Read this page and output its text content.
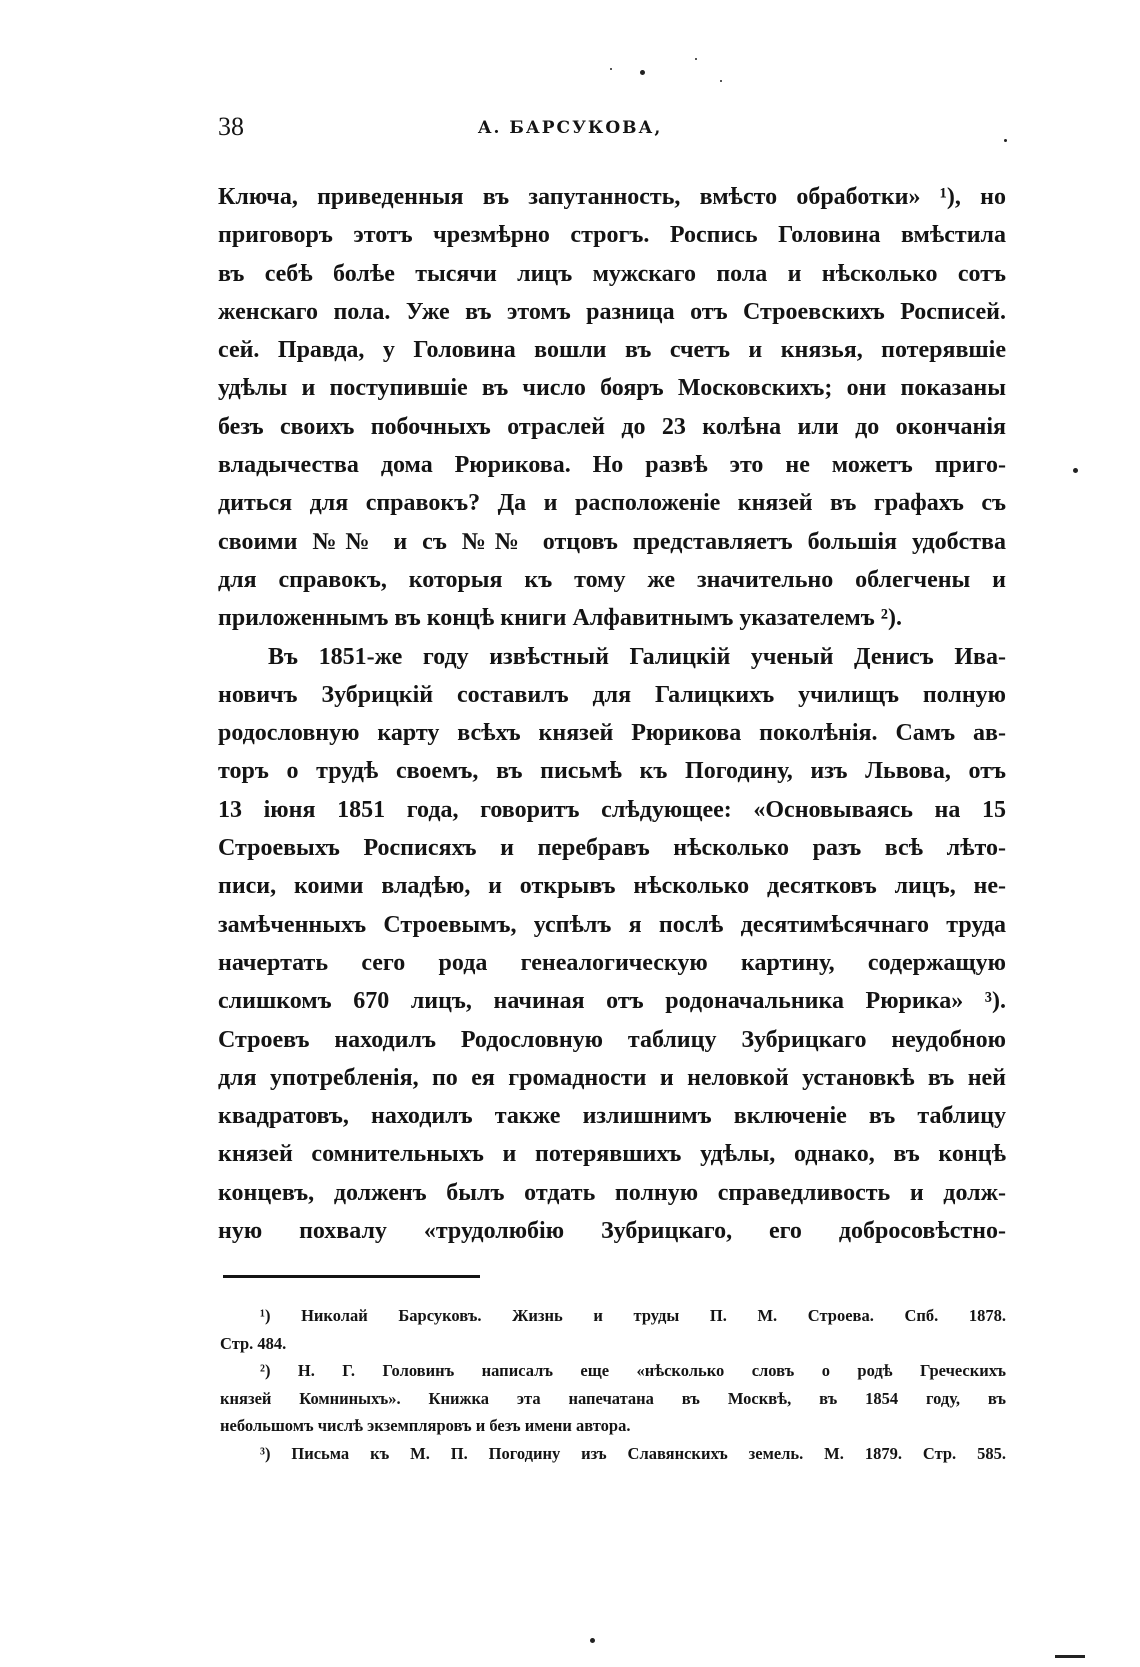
38	А. БАРСУКОВА,
Ключа, приведенныя въ запутанность, вмѣсто обработки» ¹), но
приговоръ этотъ чрезмѣрно строгъ. Роспись Головина вмѣстила
въ себѣ болѣе тысячи лицъ мужскаго пола и нѣсколько сотъ
женскаго пола. Уже въ этомъ разница отъ Строевскихъ Росписей.
сей. Правда, у Головина вошли въ счетъ и князья, потерявшіе
удѣлы и поступившіе въ число бояръ Московскихъ; они показаны
безъ своихъ побочныхъ отраслей до 23 колѣна или до окончанія
владычества дома Рюрикова. Но развѣ это не можетъ приго-
диться для справокъ? Да и расположеніе князей въ графахъ съ
своими №№ и съ №№ отцовъ представляетъ большія удобства
для справокъ, которыя къ тому же значительно облегчены и
приложеннымъ въ концѣ книги Алфавитнымъ указателемъ ²).
Въ 1851-же году извѣстный Галицкій ученый Денисъ Ива-
новичъ Зубрицкій составилъ для Галицкихъ училищъ полную
родословную карту всѣхъ князей Рюрикова поколѣнія. Самъ ав-
торъ о трудѣ своемъ, въ письмѣ къ Погодину, изъ Львова, отъ
13 іюня 1851 года, говоритъ слѣдующее: «Основываясь на 15
Строевыхъ Росписяхъ и перебравъ нѣсколько разъ всѣ лѣто-
писи, коими владѣю, и открывъ нѣсколько десятковъ лицъ, не-
замѣченныхъ Строевымъ, успѣлъ я послѣ десятимѣсячнаго труда
начертать сего рода генеалогическую картину, содержащую
слишкомъ 670 лицъ, начиная отъ родоначальника Рюрика» ³).
Строевъ находилъ Родословную таблицу Зубрицкаго неудобною
для употребленія, по ея громадности и неловкой установкѣ въ ней
квадратовъ, находилъ также излишнимъ включеніе въ таблицу
князей сомнительныхъ и потерявшихъ удѣлы, однако, въ концѣ
концевъ, долженъ былъ отдать полную справедливость и долж-
ную похвалу «трудолюбію Зубрицкаго, его добросовѣстно-
¹) Николай Барсуковъ. Жизнь и труды П. М. Строева. Спб. 1878.
Стр. 484.
²) Н. Г. Головинъ написалъ еще «нѣсколько словъ о родѣ Греческихъ
князей Комниныхъ». Книжка эта напечатана въ Москвѣ, въ 1854 году, въ
небольшомъ числѣ экземпляровъ и безъ имени автора.
³) Письма къ М. П. Погодину изъ Славянскихъ земель. М. 1879. Стр. 585.
